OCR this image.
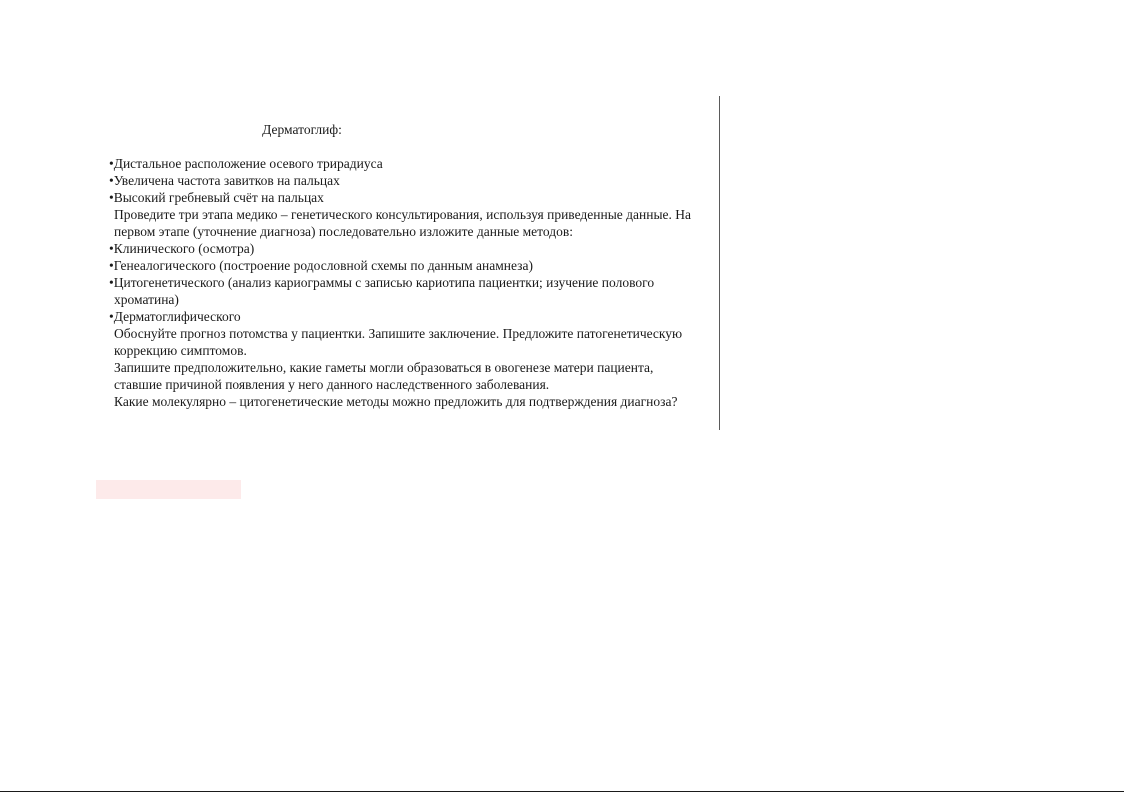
Дерматоглиф:
• Дистальное расположение осевого трирадиуса
• Увеличена частота завитков на пальцах
• Высокий гребневый счёт на пальцах
Проведите три этапа медико – генетического консультирования, используя приведенные данные. На
первом этапе (уточнение диагноза) последовательно изложите данные методов:
• Клинического (осмотра)
• Генеалогического (построение родословной схемы по данным анамнеза)
• Цитогенетического (анализ кариограммы с записью кариотипа пациентки; изучение полового
хроматина)
• Дерматоглифического
Обоснуйте прогноз потомства у пациентки. Запишите заключение. Предложите патогенетическую
коррекцию симптомов.
Запишите предположительно, какие гаметы могли образоваться в овогенезе матери пациента,
ставшие причиной появления у него данного наследственного заболевания.
Какие молекулярно – цитогенетические методы можно предложить для подтверждения диагноза?
